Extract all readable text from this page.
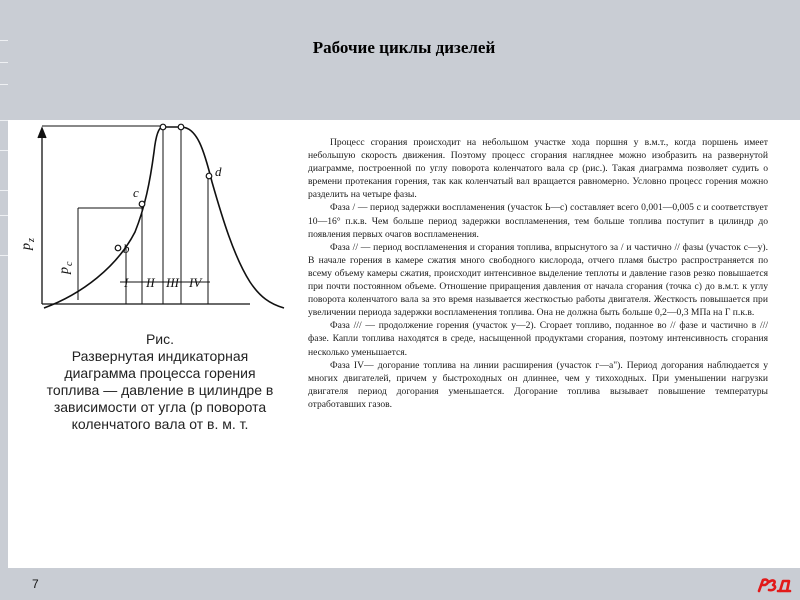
Рабочие циклы дизелей
p
z
p
c
b
c
d
I II III IV
Рис.
Развернутая индикаторная диаграмма процесса горения топлива — давление в цилиндре в зависимости от угла (р поворота коленчатого вала от в. м. т.

Процесс сгорания происходит на небольшом участке хода поршня у в.м.т., когда поршень имеет небольшую скорость движения. Поэтому процесс сгорания нагляднее можно изобразить на развернутой диаграмме, построенной по углу поворота коленчатого вала ср (рис.). Такая диаграмма позволяет судить о времени протекания горения, так как коленчатый вал вращается равномерно. Условно процесс горения можно разделить на четыре фазы.

Фаза / — период задержки воспламенения (участок Ь—с) составляет всего 0,001—0,005 с и соответствует 10—16° п.к.в. Чем больше период задержки воспламенения, тем больше топлива поступит в цилиндр до появления первых очагов воспламенения.

Фаза // — период воспламенения и сгорания топлива, впрыснутого за / и частично // фазы (участок с—у). В начале горения в камере сжатия много свободного кислорода, отчего пламя быстро распространяется по всему объему камеры сжатия, происходит интенсивное выделение теплоты и давление газов резко повышается при почти постоянном объеме. Отношение приращения давления от начала сгорания (точка с) до в.м.т. к углу поворота коленчатого вала за это время называется жесткостью работы двигателя. Жесткость повышается при увеличении периода задержки воспламенения топлива. Она не должна быть больше 0,2—0,3 МПа на Г п.к.в.

Фаза /// — продолжение горения (участок у—2). Сгорает топливо, поданное во // фазе и частично в /// фазе. Капли топлива находятся в среде, насыщенной продуктами сгорания, поэтому интенсивность сгорания несколько уменьшается.

Фаза IV— догорание топлива на линии расширения (участок г—а"). Период догорания наблюдается у многих двигателей, причем у быстроходных он длиннее, чем у тихоходных. При уменьшении нагрузки двигателя период догорания уменьшается. Догорание топлива вызывает повышение температуры отработавших газов.

7
